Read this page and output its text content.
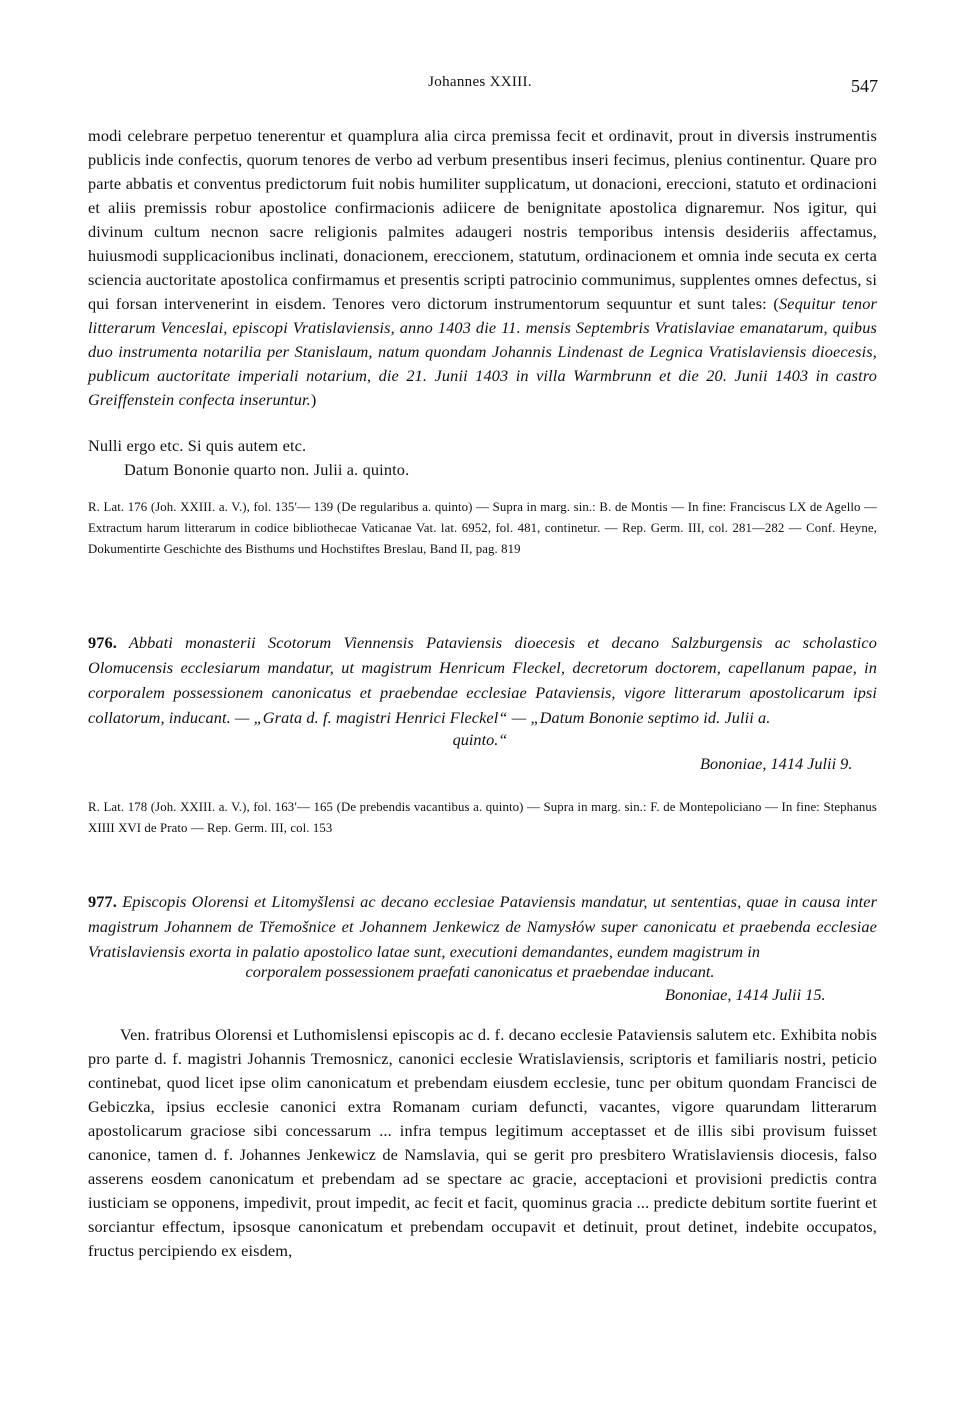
Johannes XXIII.	547
modi celebrare perpetuo tenerentur et quamplura alia circa premissa fecit et ordinavit, prout in diversis instrumentis publicis inde confectis, quorum tenores de verbo ad verbum presentibus inseri fecimus, plenius continentur. Quare pro parte abbatis et conventus predictorum fuit nobis humiliter supplicatum, ut donacioni, ereccioni, statuto et ordinacioni et aliis premissis robur apostolice confirmacionis adiicere de benignitate apostolica dignaremur. Nos igitur, qui divinum cultum necnon sacre religionis palmites adaugeri nostris temporibus intensis desideriis affectamus, huiusmodi supplicacionibus inclinati, donacionem, ereccionem, statutum, ordinacionem et omnia inde secuta ex certa sciencia auctoritate apostolica confirmamus et presentis scripti patrocinio communimus, supplentes omnes defectus, si qui forsan intervenerint in eisdem. Tenores vero dictorum instrumentorum sequuntur et sunt tales: (Sequitur tenor litterarum Venceslai, episcopi Vratislaviensis, anno 1403 die 11. mensis Septembris Vratislaviae emanatarum, quibus duo instrumenta notarilia per Stanislaum, natum quondam Johannis Lindenast de Legnica Vratislaviensis dioecesis, publicum auctoritate imperiali notarium, die 21. Junii 1403 in villa Warmbrunn et die 20. Junii 1403 in castro Greiffenstein confecta inseruntur.)
Nulli ergo etc. Si quis autem etc.
Datum Bononie quarto non. Julii a. quinto.
R. Lat. 176 (Joh. XXIII. a. V.), fol. 135′— 139 (De regularibus a. quinto) — Supra in marg. sin.: B. de Montis — In fine: Franciscus LX de Agello — Extractum harum litterarum in codice bibliothecae Vaticanae Vat. lat. 6952, fol. 481, continetur. — Rep. Germ. III, col. 281—282 — Conf. Heyne, Dokumentirte Geschichte des Bisthums und Hochstiftes Breslau, Band II, pag. 819
976. Abbati monasterii Scotorum Viennensis Pataviensis dioecesis et decano Salzburgensis ac scholastico Olomucensis ecclesiarum mandatur, ut magistrum Henricum Fleckel, decretorum doctorem, capellanum papae, in corporalem possessionem canonicatus et praebendae ecclesiae Pataviensis, vigore litterarum apostolicarum ipsi collatorum, inducant. — „Grata d. f. magistri Henrici Fleckel“ — „Datum Bononie septimo id. Julii a.
quinto.“
Bononiae, 1414 Julii 9.
R. Lat. 178 (Joh. XXIII. a. V.), fol. 163′— 165 (De prebendis vacantibus a. quinto) — Supra in marg. sin.: F. de Montepoliciano — In fine: Stephanus XIIII XVI de Prato — Rep. Germ. III, col. 153
977. Episcopis Olorensi et Litomyšlensi ac decano ecclesiae Pataviensis mandatur, ut sententias, quae in causa inter magistrum Johannem de Třemošnice et Johannem Jenkewicz de Namysłów super canonicatu et praebenda ecclesiae Vratislaviensis exorta in palatio apostolico latae sunt, executioni demandantes, eundem magistrum in
corporalem possessionem praefati canonicatus et praebendae inducant.
Bononiae, 1414 Julii 15.
Ven. fratribus Olorensi et Luthomislensi episcopis ac d. f. decano ecclesie Pataviensis salutem etc. Exhibita nobis pro parte d. f. magistri Johannis Tremosnicz, canonici ecclesie Wratislaviensis, scriptoris et familiaris nostri, peticio continebat, quod licet ipse olim canonicatum et prebendam eiusdem ecclesie, tunc per obitum quondam Francisci de Gebiczka, ipsius ecclesie canonici extra Romanam curiam defuncti, vacantes, vigore quarundam litterarum apostolicarum graciose sibi concessarum ... infra tempus legitimum acceptasset et de illis sibi provisum fuisset canonice, tamen d. f. Johannes Jenkewicz de Namslavia, qui se gerit pro presbitero Wratislaviensis diocesis, falso asserens eosdem canonicatum et prebendam ad se spectare ac gracie, acceptacioni et provisioni predictis contra iusticiam se opponens, impedivit, prout impedit, ac fecit et facit, quominus gracia ... predicte debitum sortite fuerint et sorciantur effectum, ipsosque canonicatum et prebendam occupavit et detinuit, prout detinet, indebite occupatos, fructus percipiendo ex eisdem,
